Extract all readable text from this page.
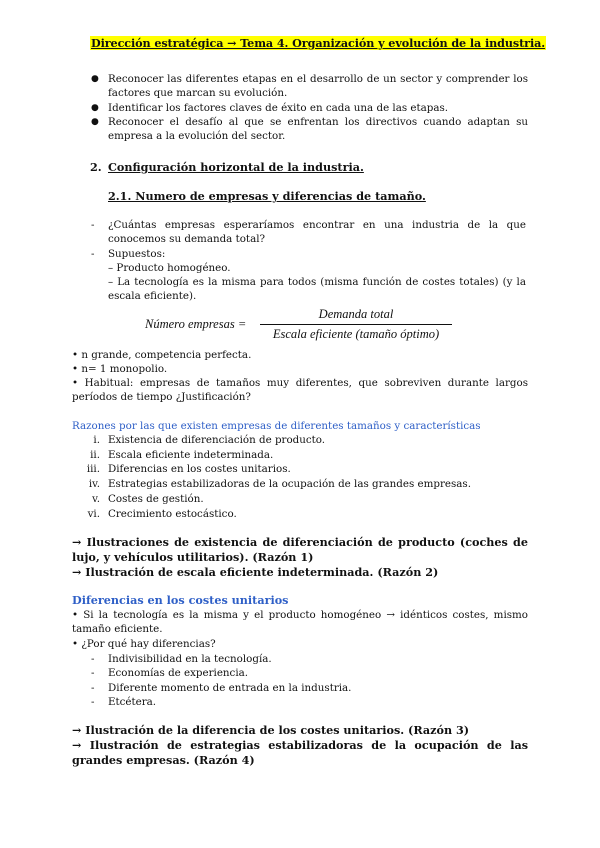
Dirección estratégica → Tema 4. Organización y evolución de la industria.
● Reconocer las diferentes etapas en el desarrollo de un sector y comprender los factores que marcan su evolución.
● Identificar los factores claves de éxito en cada una de las etapas.
● Reconocer el desafío al que se enfrentan los directivos cuando adaptan su empresa a la evolución del sector.
2. Configuración horizontal de la industria.
2.1. Numero de empresas y diferencias de tamaño.
- ¿Cuántas empresas esperaríamos encontrar en una industria de la que conocemos su demanda total?
- Supuestos:
– Producto homogéneo.
– La tecnología es la misma para todos (misma función de costes totales) (y la escala eficiente).
Número empresas =
Demanda total
Escala eficiente (tamaño óptimo)
• n grande, competencia perfecta.
• n= 1 monopolio.
• Habitual: empresas de tamaños muy diferentes, que sobreviven durante largos períodos de tiempo ¿Justificación?
Razones por las que existen empresas de diferentes tamaños y características
i. Existencia de diferenciación de producto.
ii. Escala eficiente indeterminada.
iii. Diferencias en los costes unitarios.
iv. Estrategias estabilizadoras de la ocupación de las grandes empresas.
v. Costes de gestión.
vi. Crecimiento estocástico.
→ Ilustraciones de existencia de diferenciación de producto (coches de lujo, y vehículos utilitarios). (Razón 1)
→ Ilustración de escala eficiente indeterminada. (Razón 2)
Diferencias en los costes unitarios
• Si la tecnología es la misma y el producto homogéneo → idénticos costes, mismo tamaño eficiente.
• ¿Por qué hay diferencias?
- Indivisibilidad en la tecnología.
- Economías de experiencia.
- Diferente momento de entrada en la industria.
- Etcétera.
→ Ilustración de la diferencia de los costes unitarios. (Razón 3)
→ Ilustración de estrategias estabilizadoras de la ocupación de las grandes empresas. (Razón 4)
